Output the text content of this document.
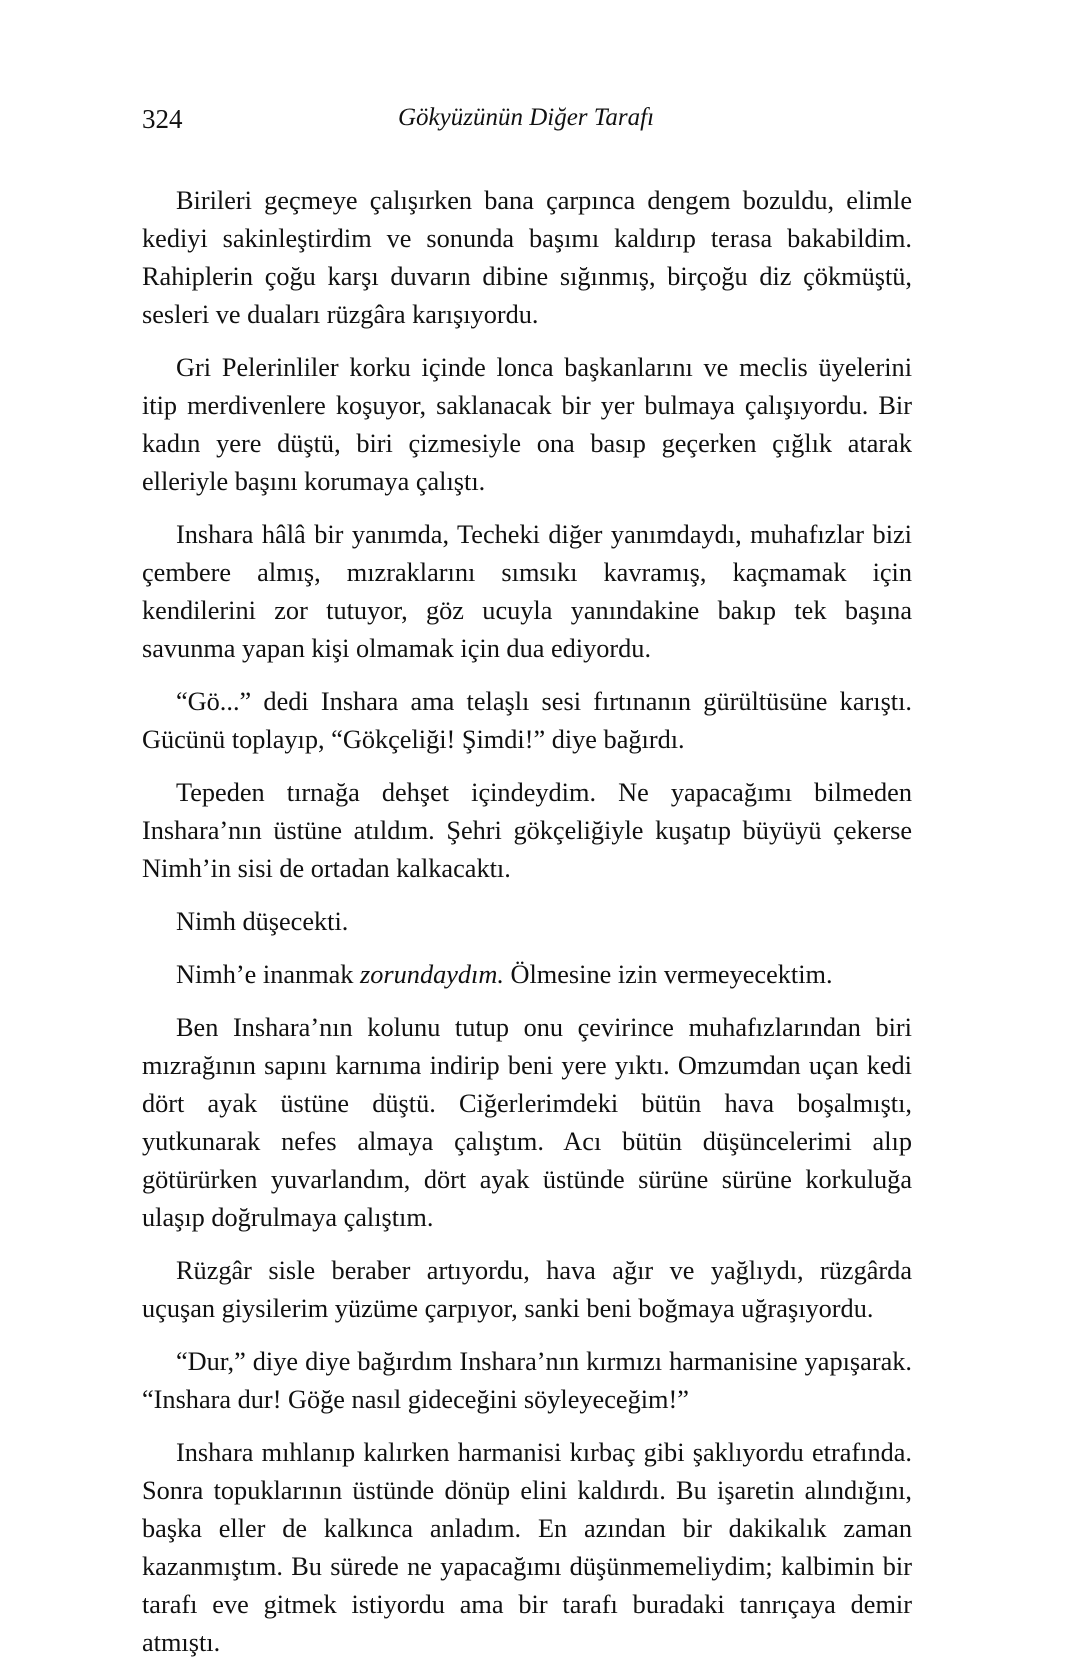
324	Gökyüzünün Diğer Tarafı

Birileri geçmeye çalışırken bana çarpınca dengem bozuldu, elimle kediyi sakinleştirdim ve sonunda başımı kaldırıp terasa bakabildim. Rahiplerin çoğu karşı duvarın dibine sığınmış, birçoğu diz çökmüştü, sesleri ve duaları rüzgâra karışıyordu.

Gri Pelerinliler korku içinde lonca başkanlarını ve meclis üyelerini itip merdivenlere koşuyor, saklanacak bir yer bulmaya çalışıyordu. Bir kadın yere düştü, biri çizmesiyle ona basıp geçerken çığlık atarak elleriyle başını korumaya çalıştı.

Inshara hâlâ bir yanımda, Techeki diğer yanımdaydı, muhafızlar bizi çembere almış, mızraklarını sımsıkı kavramış, kaçmamak için kendilerini zor tutuyor, göz ucuyla yanındakine bakıp tek başına savunma yapan kişi olmamak için dua ediyordu.

“Gö...” dedi Inshara ama telaşlı sesi fırtınanın gürültüsüne karıştı. Gücünü toplayıp, “Gökçeliği! Şimdi!” diye bağırdı.

Tepeden tırnağa dehşet içindeydim. Ne yapacağımı bilmeden Inshara’nın üstüne atıldım. Şehri gökçeliğiyle kuşatıp büyüyü çekerse Nimh’in sisi de ortadan kalkacaktı.

Nimh düşecekti.

Nimh’e inanmak zorundaydım. Ölmesine izin vermeyecektim.

Ben Inshara’nın kolunu tutup onu çevirince muhafızlarından biri mızrağının sapını karnıma indirip beni yere yıktı. Omzumdan uçan kedi dört ayak üstüne düştü. Ciğerlerimdeki bütün hava boşalmıştı, yutkunarak nefes almaya çalıştım. Acı bütün düşüncelerimi alıp götürürken yuvarlandım, dört ayak üstünde sürüne sürüne korkuluğa ulaşıp doğrulmaya çalıştım.

Rüzgâr sisle beraber artıyordu, hava ağır ve yağlıydı, rüzgârda uçuşan giysilerim yüzüme çarpıyor, sanki beni boğmaya uğraşıyordu.

“Dur,” diye diye bağırdım Inshara’nın kırmızı harmanisine yapışarak. “Inshara dur! Göğe nasıl gideceğini söyleyeceğim!”

Inshara mıhlanıp kalırken harmanisi kırbaç gibi şaklıyordu etrafında. Sonra topuklarının üstünde dönüp elini kaldırdı. Bu işaretin alındığını, başka eller de kalkınca anladım. En azından bir dakikalık zaman kazanmıştım. Bu sürede ne yapacağımı düşünmemeliydim; kalbimin bir tarafı eve gitmek istiyordu ama bir tarafı buradaki tanrıçaya demir atmıştı.
